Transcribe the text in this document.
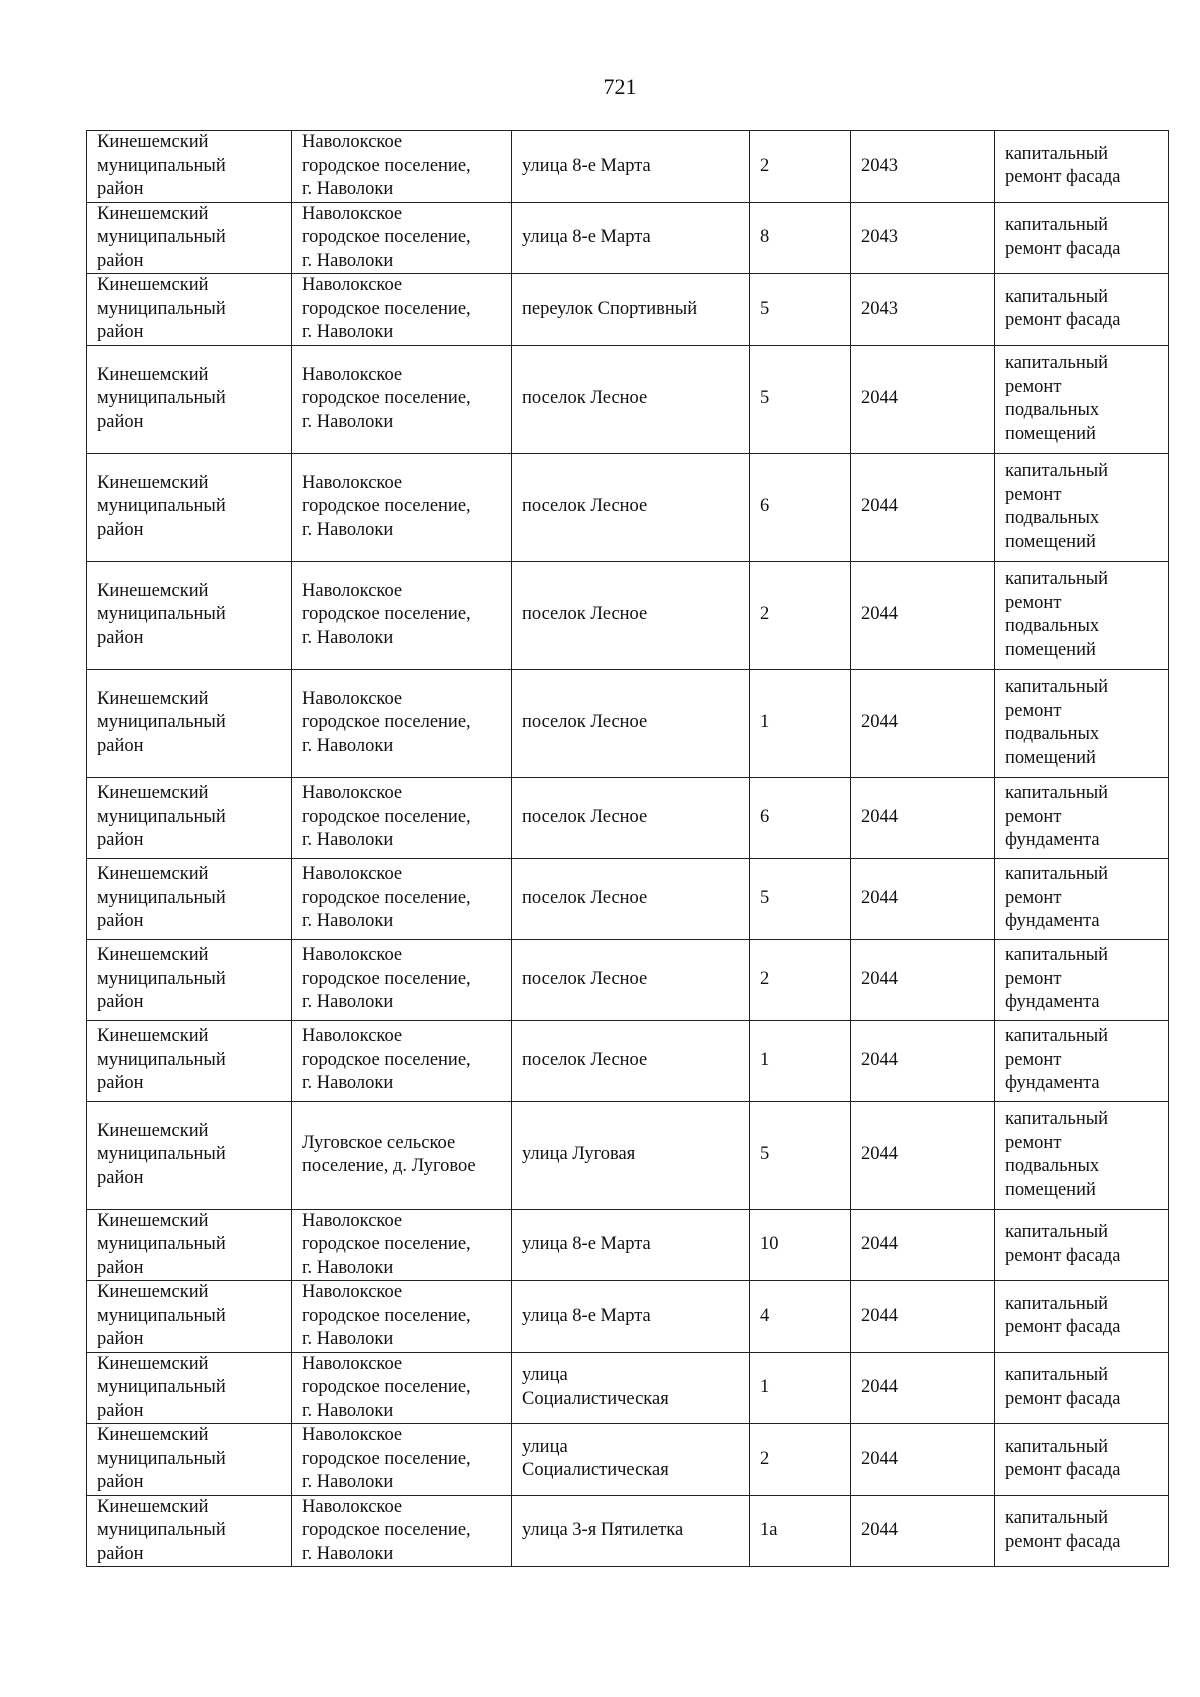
721
Кинешемский
муниципальный
район	Наволокское
городское поселение,
г. Наволоки	улица 8-е Марта	2	2043	капитальный
ремонт фасада
Кинешемский
муниципальный
район	Наволокское
городское поселение,
г. Наволоки	улица 8-е Марта	8	2043	капитальный
ремонт фасада
Кинешемский
муниципальный
район	Наволокское
городское поселение,
г. Наволоки	переулок Спортивный	5	2043	капитальный
ремонт фасада
Кинешемский
муниципальный
район	Наволокское
городское поселение,
г. Наволоки	поселок Лесное	5	2044	капитальный
ремонт
подвальных
помещений
Кинешемский
муниципальный
район	Наволокское
городское поселение,
г. Наволоки	поселок Лесное	6	2044	капитальный
ремонт
подвальных
помещений
Кинешемский
муниципальный
район	Наволокское
городское поселение,
г. Наволоки	поселок Лесное	2	2044	капитальный
ремонт
подвальных
помещений
Кинешемский
муниципальный
район	Наволокское
городское поселение,
г. Наволоки	поселок Лесное	1	2044	капитальный
ремонт
подвальных
помещений
Кинешемский
муниципальный
район	Наволокское
городское поселение,
г. Наволоки	поселок Лесное	6	2044	капитальный
ремонт
фундамента
Кинешемский
муниципальный
район	Наволокское
городское поселение,
г. Наволоки	поселок Лесное	5	2044	капитальный
ремонт
фундамента
Кинешемский
муниципальный
район	Наволокское
городское поселение,
г. Наволоки	поселок Лесное	2	2044	капитальный
ремонт
фундамента
Кинешемский
муниципальный
район	Наволокское
городское поселение,
г. Наволоки	поселок Лесное	1	2044	капитальный
ремонт
фундамента
Кинешемский
муниципальный
район	Луговское сельское
поселение, д. Луговое	улица Луговая	5	2044	капитальный
ремонт
подвальных
помещений
Кинешемский
муниципальный
район	Наволокское
городское поселение,
г. Наволоки	улица 8-е Марта	10	2044	капитальный
ремонт фасада
Кинешемский
муниципальный
район	Наволокское
городское поселение,
г. Наволоки	улица 8-е Марта	4	2044	капитальный
ремонт фасада
Кинешемский
муниципальный
район	Наволокское
городское поселение,
г. Наволоки	улица
Социалистическая	1	2044	капитальный
ремонт фасада
Кинешемский
муниципальный
район	Наволокское
городское поселение,
г. Наволоки	улица
Социалистическая	2	2044	капитальный
ремонт фасада
Кинешемский
муниципальный
район	Наволокское
городское поселение,
г. Наволоки	улица 3-я Пятилетка	1а	2044	капитальный
ремонт фасада
